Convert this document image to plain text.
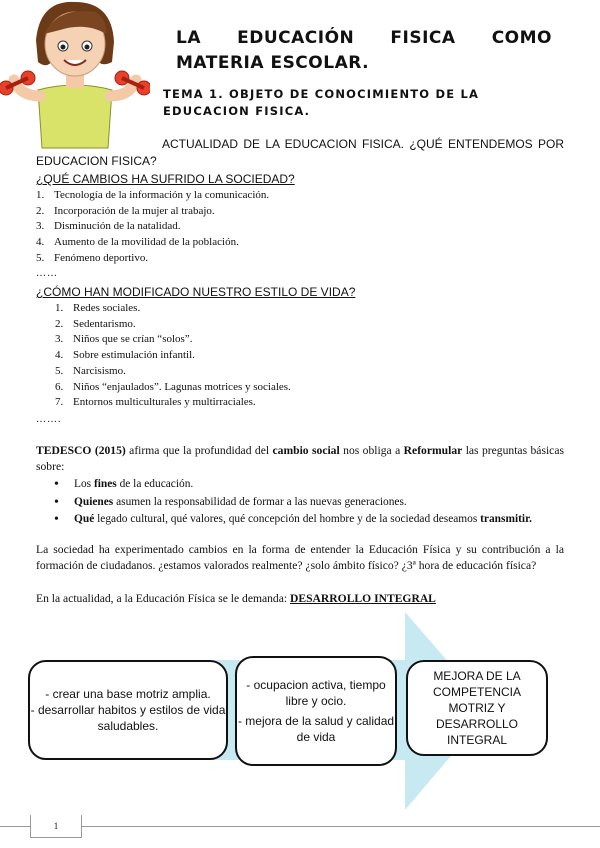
LA EDUCACIÓN FISICA COMO
MATERIA ESCOLAR.
TEMA 1. OBJETO DE CONOCIMIENTO DE LA EDUCACION FISICA.
ACTUALIDAD DE LA EDUCACION FISICA. ¿QUÉ ENTENDEMOS POR EDUCACION FISICA?
¿QUÉ CAMBIOS HA SUFRIDO LA SOCIEDAD?
1. Tecnología de la información y la comunicación.
2. Incorporación de la mujer al trabajo.
3. Disminución de la natalidad.
4. Aumento de la movilidad de la población.
5. Fenómeno deportivo.
……
¿CÓMO HAN MODIFICADO NUESTRO ESTILO DE VIDA?
1. Redes sociales.
2. Sedentarismo.
3. Niños que se crían “solos”.
4. Sobre estimulación infantil.
5. Narcisismo.
6. Niños “enjaulados”. Lagunas motrices y sociales.
7. Entornos multiculturales y multirraciales.
…….
TEDESCO (2015) afirma que la profundidad del cambio social nos obliga a Reformular las preguntas básicas sobre:
• Los fines de la educación.
• Quienes asumen la responsabilidad de formar a las nuevas generaciones.
• Qué legado cultural, qué valores, qué concepción del hombre y de la sociedad deseamos transmitir.
La sociedad ha experimentado cambios en la forma de entender la Educación Física y su contribución a la formación de ciudadanos. ¿estamos valorados realmente? ¿solo ámbito físico? ¿3ª hora de educación física?
En la actualidad, a la Educación Física se le demanda: DESARROLLO INTEGRAL
- crear una base motriz amplia.
- desarrollar habitos y estilos de vida saludables.
- ocupacion activa, tiempo libre y ocio.
- mejora de la salud y calidad de vida
MEJORA DE LA COMPETENCIA MOTRIZ Y DESARROLLO INTEGRAL
1
